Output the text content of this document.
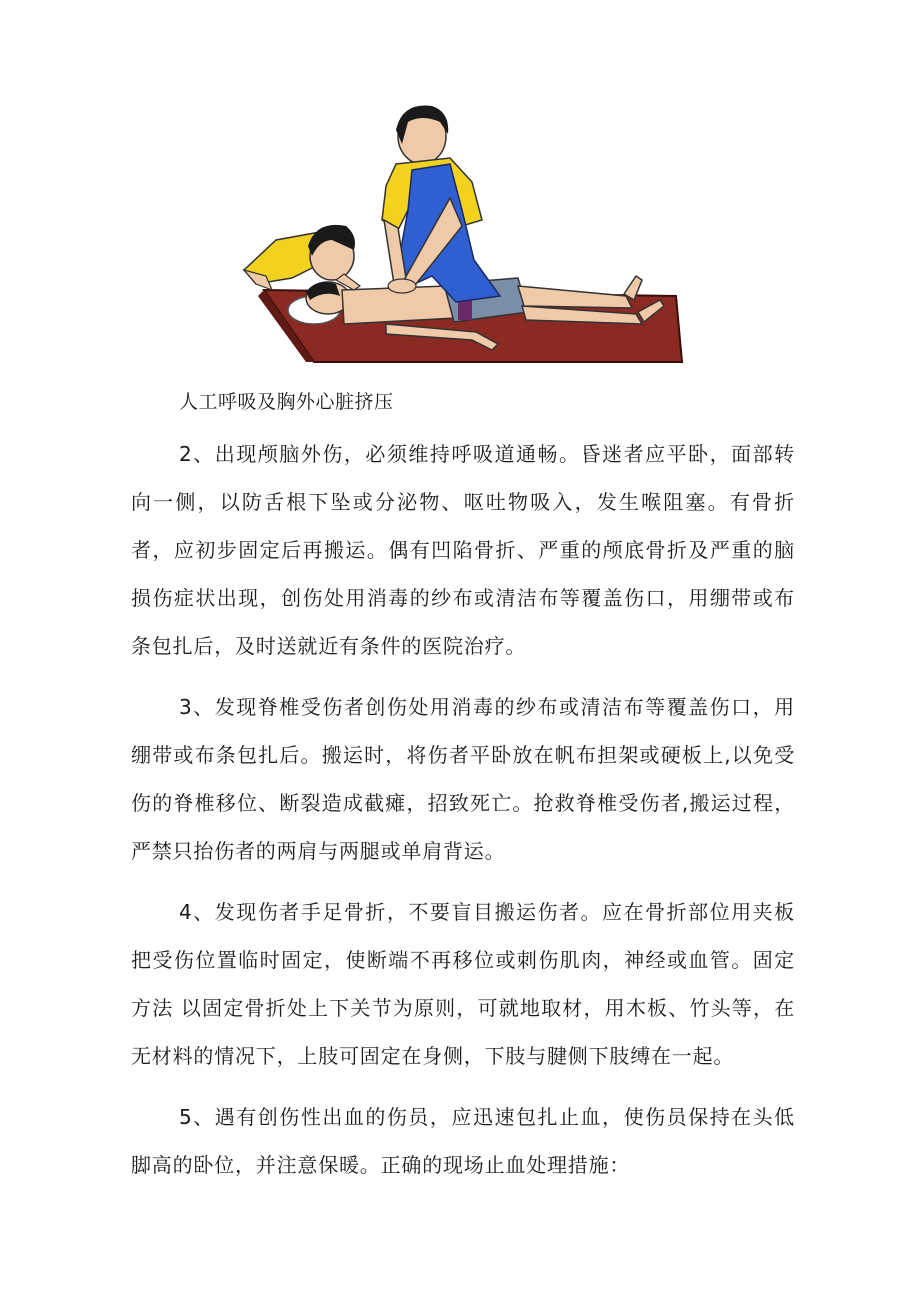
人工呼吸及胸外心脏挤压

2、出现颅脑外伤，必须维持呼吸道通畅。昏迷者应平卧，面部转向一侧，以防舌根下坠或分泌物、呕吐物吸入，发生喉阻塞。有骨折者，应初步固定后再搬运。偶有凹陷骨折、严重的颅底骨折及严重的脑损伤症状出现，创伤处用消毒的纱布或清洁布等覆盖伤口，用绷带或布条包扎后，及时送就近有条件的医院治疗。

3、发现脊椎受伤者创伤处用消毒的纱布或清洁布等覆盖伤口，用绷带或布条包扎后。搬运时，将伤者平卧放在帆布担架或硬板上,以免受伤的脊椎移位、断裂造成截瘫，招致死亡。抢救脊椎受伤者,搬运过程，严禁只抬伤者的两肩与两腿或单肩背运。

4、发现伤者手足骨折，不要盲目搬运伤者。应在骨折部位用夹板把受伤位置临时固定，使断端不再移位或刺伤肌肉，神经或血管。固定方法 以固定骨折处上下关节为原则，可就地取材，用木板、竹头等，在无材料的情况下，上肢可固定在身侧，下肢与腱侧下肢缚在一起。

5、遇有创伤性出血的伤员，应迅速包扎止血，使伤员保持在头低脚高的卧位，并注意保暖。正确的现场止血处理措施：
